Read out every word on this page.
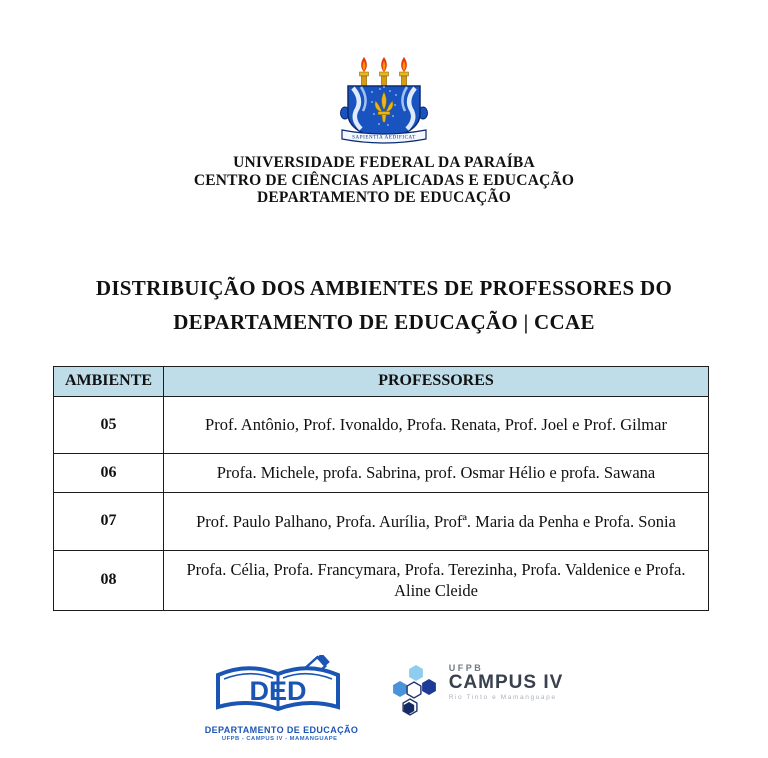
SAPIENTIA AEDIFICAT
UNIVERSIDADE FEDERAL DA PARAÍBA
CENTRO DE CIÊNCIAS APLICADAS E EDUCAÇÃO
DEPARTAMENTO DE EDUCAÇÃO
DISTRIBUIÇÃO DOS AMBIENTES DE PROFESSORES DO
DEPARTAMENTO DE EDUCAÇÃO | CCAE
AMBIENTE	PROFESSORES
05	Prof. Antônio, Prof. Ivonaldo, Profa. Renata, Prof. Joel e Prof. Gilmar

06	Profa. Michele, profa. Sabrina, prof. Osmar Hélio e profa. Sawana

07	Prof. Paulo Palhano, Profa. Aurília, Profª. Maria da Penha e Profa. Sonia

08	Profa. Célia, Profa. Francymara, Profa. Terezinha, Profa. Valdenice e Profa. Aline Cleide
DED
DEPARTAMENTO DE EDUCAÇÃO
UFPB - CAMPUS IV - MAMANGUAPE
UFPB
CAMPUS IV
Rio Tinto e Mamanguape
